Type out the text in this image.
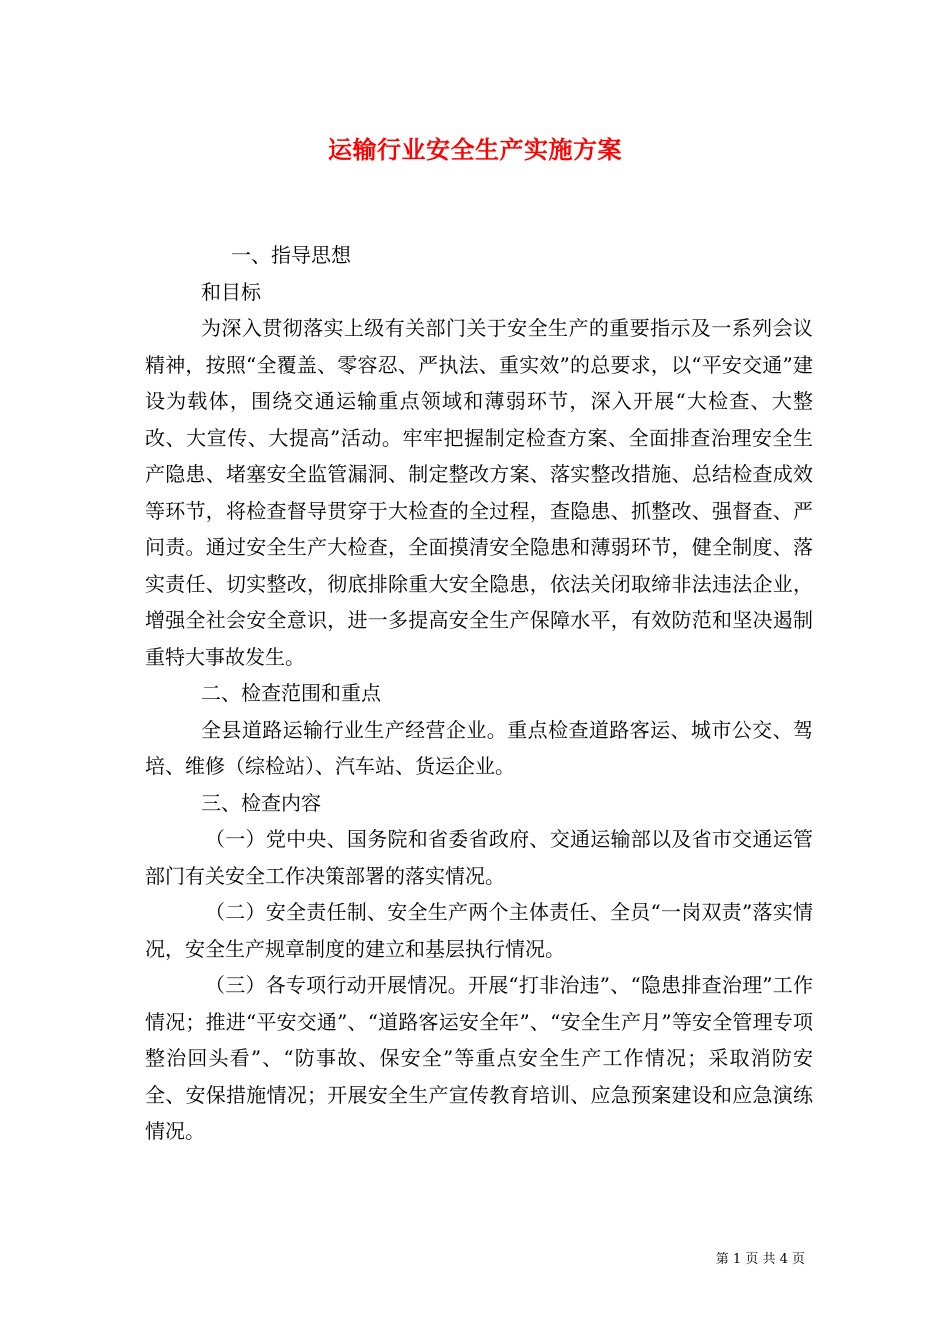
运输行业安全生产实施方案

一、指导思想

和目标

为深入贯彻落实上级有关部门关于安全生产的重要指示及一系列会议精神，按照“全覆盖、零容忍、严执法、重实效”的总要求，以“平安交通”建设为载体，围绕交通运输重点领域和薄弱环节，深入开展“大检查、大整改、大宣传、大提高”活动。牢牢把握制定检查方案、全面排查治理安全生产隐患、堵塞安全监管漏洞、制定整改方案、落实整改措施、总结检查成效等环节，将检查督导贯穿于大检查的全过程，查隐患、抓整改、强督查、严问责。通过安全生产大检查，全面摸清安全隐患和薄弱环节，健全制度、落实责任、切实整改，彻底排除重大安全隐患，依法关闭取缔非法违法企业，增强全社会安全意识，进一多提高安全生产保障水平，有效防范和坚决遏制重特大事故发生。

二、检查范围和重点

全县道路运输行业生产经营企业。重点检查道路客运、城市公交、驾培、维修（综检站）、汽车站、货运企业。

三、检查内容

（一）党中央、国务院和省委省政府、交通运输部以及省市交通运管部门有关安全工作决策部署的落实情况。

（二）安全责任制、安全生产两个主体责任、全员“一岗双责”落实情况，安全生产规章制度的建立和基层执行情况。

（三）各专项行动开展情况。开展“打非治违”、“隐患排查治理”工作情况；推进“平安交通”、“道路客运安全年”、“安全生产月”等安全管理专项整治回头看”、“防事故、保安全”等重点安全生产工作情况；采取消防安全、安保措施情况；开展安全生产宣传教育培训、应急预案建设和应急演练情况。

第 1 页 共 4 页
